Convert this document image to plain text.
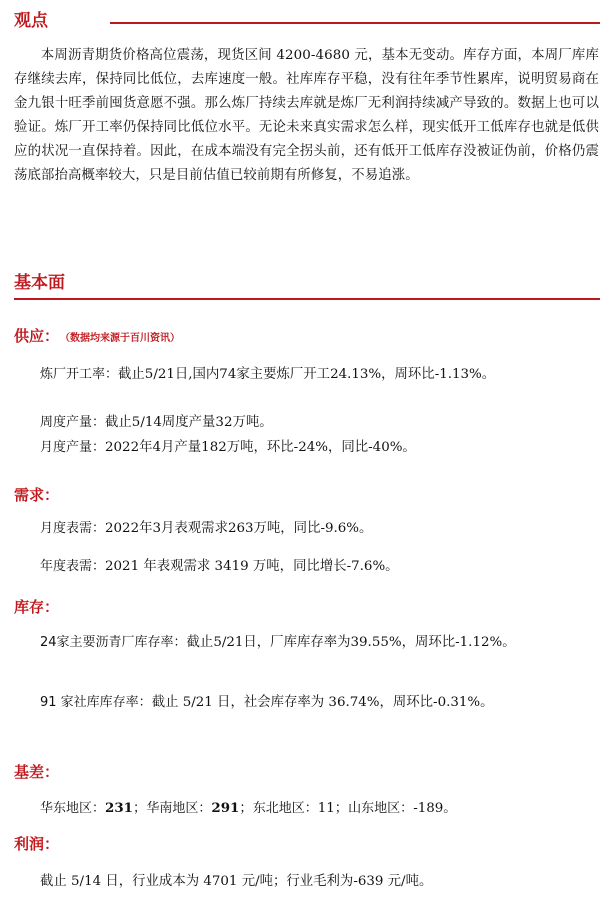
观点
本周沥青期货价格高位震荡，现货区间 4200-4680 元，基本无变动。库存方面，本周厂库库存继续去库，保持同比低位，去库速度一般。社库库存平稳，没有往年季节性累库，说明贸易商在金九银十旺季前囤货意愿不强。那么炼厂持续去库就是炼厂无利润持续减产导致的。数据上也可以验证。炼厂开工率仍保持同比低位水平。无论未来真实需求怎么样，现实低开工低库存也就是低供应的状况一直保持着。因此，在成本端没有完全拐头前，还有低开工低库存没被证伪前，价格仍震荡底部抬高概率较大，只是目前估值已较前期有所修复，不易追涨。
基本面
供应： （数据均来源于百川资讯）
炼厂开工率：截止5/21日,国内74家主要炼厂开工24.13%，周环比-1.13%。
周度产量：截止5/14周度产量32万吨。
月度产量：2022年4月产量182万吨，环比-24%，同比-40%。
需求：
月度表需：2022年3月表观需求263万吨，同比-9.6%。
年度表需：2021 年表观需求 3419 万吨，同比增长-7.6%。
库存：
24家主要沥青厂库存率：截止5/21日，厂库库存率为39.55%，周环比-1.12%。
91 家社库库存率：截止 5/21 日，社会库存率为 36.74%，周环比-0.31%。
基差：
华东地区：231；华南地区：291；东北地区：11；山东地区：-189。
利润：
截止 5/14 日，行业成本为 4701 元/吨；行业毛利为-639 元/吨。
